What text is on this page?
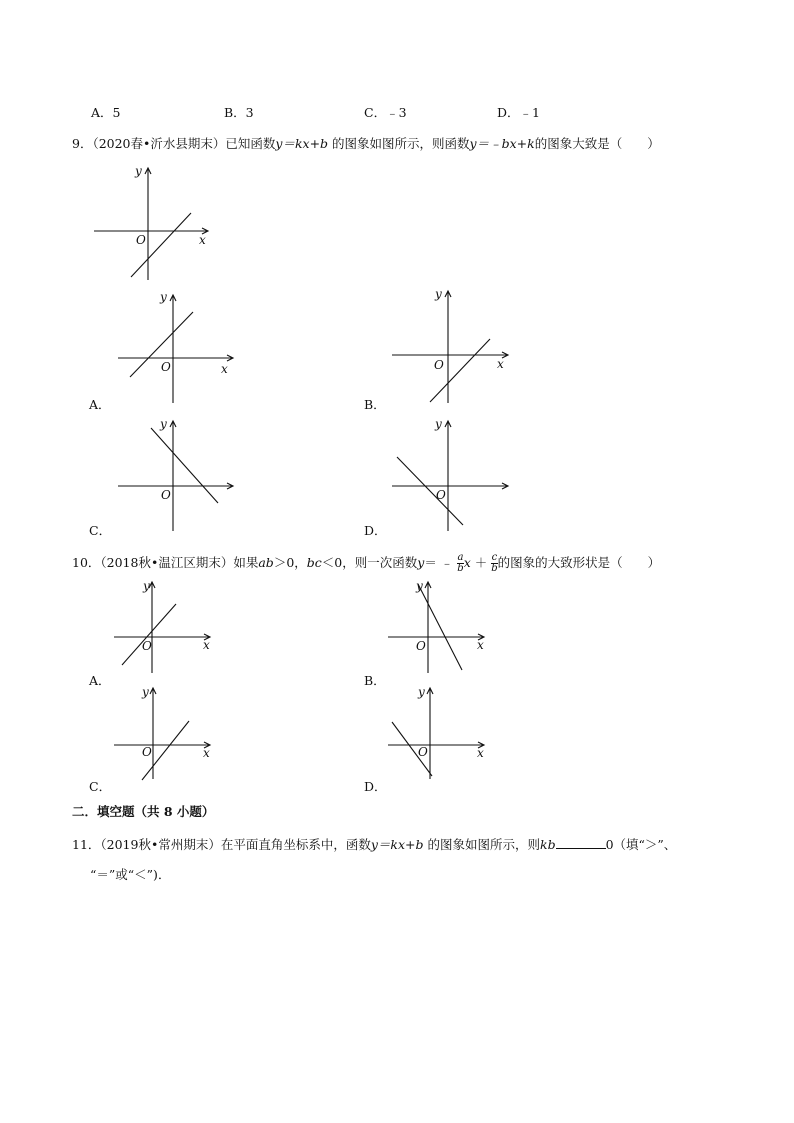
A．5	B．3	C．﹣3	D．﹣1
9．（2020春•沂水县期末）已知函数y＝kx+b 的图象如图所示，则函数y＝﹣bx+k的图象大致是（　　）
y
x
O
y
x
O
A．
y
x
O
B．
y
O
C．
y
O
D．
10．（2018秋•温江区期末）如果ab＞0，bc＜0，则一次函数y＝ ﹣ $\frac{a}{b}$ $x + \frac{c}{b}$ 的图象的大致形状是（　　）
y
x
O
A．
y
x
O
B．
y
x
O
C．
y
x
O
D．
二．填空题（共 8 小题）
11．（2019秋•常州期末）在平面直角坐标系中，函数y＝kx+b 的图象如图所示，则kb	0（填“＞”、
“＝”或“＜”)．
